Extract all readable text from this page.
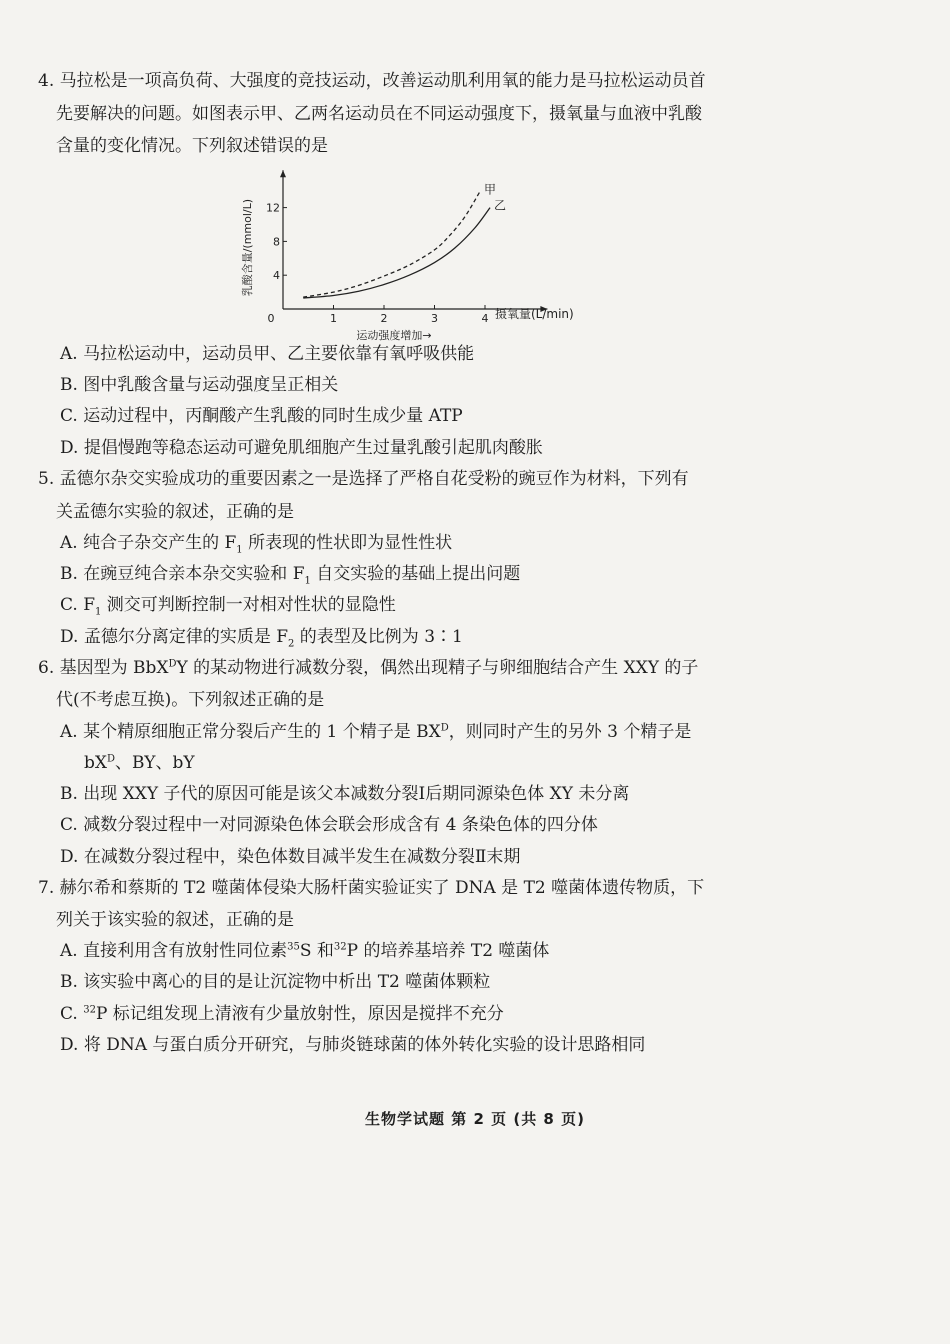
4. 马拉松是一项高负荷、大强度的竞技运动，改善运动肌利用氧的能力是马拉松运动员首
先要解决的问题。如图表示甲、乙两名运动员在不同运动强度下，摄氧量与血液中乳酸
含量的变化情况。下列叙述错误的是
0	1	2	3	4
4
8
12
摄氧量(L/min)
运动强度增加→
乳酸含量/(mmol/L)
甲
乙
A. 马拉松运动中，运动员甲、乙主要依靠有氧呼吸供能
B. 图中乳酸含量与运动强度呈正相关
C. 运动过程中，丙酮酸产生乳酸的同时生成少量 ATP
D. 提倡慢跑等稳态运动可避免肌细胞产生过量乳酸引起肌肉酸胀
5. 孟德尔杂交实验成功的重要因素之一是选择了严格自花受粉的豌豆作为材料，下列有
关孟德尔实验的叙述，正确的是
A. 纯合子杂交产生的 $F_1$ 所表现的性状即为显性性状
B. 在豌豆纯合亲本杂交实验和 $F_1$ 自交实验的基础上提出问题
C. $F_1$ 测交可判断控制一对相对性状的显隐性
D. 孟德尔分离定律的实质是 $F_2$ 的表型及比例为 3∶1
6. 基因型为 BbX$^D$Y 的某动物进行减数分裂，偶然出现精子与卵细胞结合产生 XXY 的子
代(不考虑互换)。下列叙述正确的是
A. 某个精原细胞正常分裂后产生的 1 个精子是 $BX^D$，则同时产生的另外 3 个精子是
$bX^D$、BY、bY
B. 出现 XXY 子代的原因可能是该父本减数分裂Ⅰ后期同源染色体 XY 未分离
C. 减数分裂过程中一对同源染色体会联会形成含有 4 条染色体的四分体
D. 在减数分裂过程中，染色体数目减半发生在减数分裂Ⅱ末期
7. 赫尔希和蔡斯的 T2 噬菌体侵染大肠杆菌实验证实了 DNA 是 T2 噬菌体遗传物质，下
列关于该实验的叙述，正确的是
A. 直接利用含有放射性同位素$^{35}$S 和$^{32}$P 的培养基培养 T2 噬菌体
B. 该实验中离心的目的是让沉淀物中析出 T2 噬菌体颗粒
C. $^{32}$P 标记组发现上清液有少量放射性，原因是搅拌不充分
D. 将 DNA 与蛋白质分开研究，与肺炎链球菌的体外转化实验的设计思路相同
生物学试题 第 2 页 (共 8 页)
